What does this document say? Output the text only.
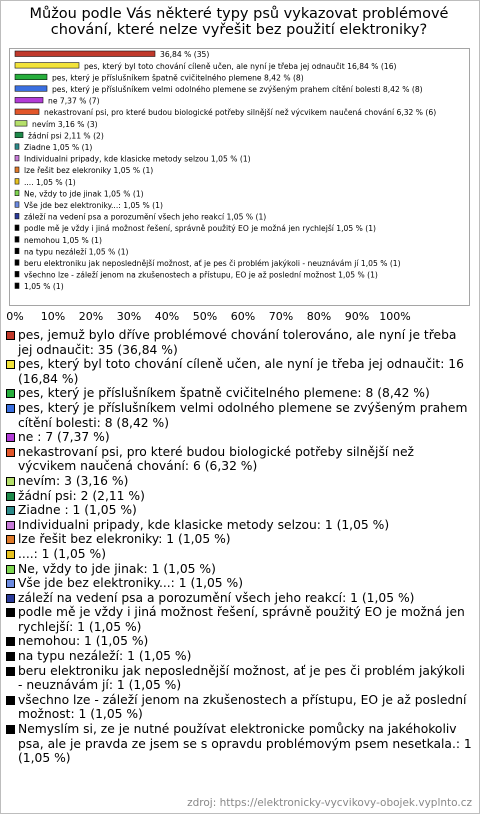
Můžou podle Vás některé typy psů vykazovat problémové chování, které nelze vyřešit bez použití elektroniky?
36,84 % (35)
pes, který byl toto chování cíleně učen, ale nyní je třeba jej odnaučit 16,84 % (16)
pes, který je příslušníkem špatně cvičitelného plemene 8,42 % (8)
pes, který je příslušníkem velmi odolného plemene se zvýšeným prahem cítění bolesti 8,42 % (8)
ne 7,37 % (7)
nekastrovaní psi, pro které budou biologické potřeby silnější než výcvikem naučená chování 6,32 % (6)
nevím 3,16 % (3)
žádní psi 2,11 % (2)
Ziadne 1,05 % (1)
Individualni pripady, kde klasicke metody selzou 1,05 % (1)
lze řešit bez elekroniky 1,05 % (1)
.... 1,05 % (1)
Ne, vždy to jde jinak 1,05 % (1)
Vše jde bez elektroniky...: 1,05 % (1)
záleží na vedení psa a porozumění všech jeho reakcí 1,05 % (1)
podle mě je vždy i jiná možnost řešení, správně použitý EO je možná jen rychlejší 1,05 % (1)
nemohou 1,05 % (1)
na typu nezáleží 1,05 % (1)
beru elektroniku jak neposlednější možnost, ať je pes či problém jakýkoli - neuznávám jí 1,05 % (1)
všechno lze - záleží jenom na zkušenostech a přístupu, EO je až poslední možnost 1,05 % (1)
1,05 % (1)
0% 10% 20% 30% 40% 50% 60% 70% 80% 90% 100%
pes, jemuž bylo dříve problémové chování tolerováno, ale nyní je třeba jej odnaučit: 35 (36,84 %)
pes, který byl toto chování cíleně učen, ale nyní je třeba jej odnaučit: 16 (16,84 %)
pes, který je příslušníkem špatně cvičitelného plemene: 8 (8,42 %)
pes, který je příslušníkem velmi odolného plemene se zvýšeným prahem cítění bolesti: 8 (8,42 %)
ne : 7 (7,37 %)
nekastrovaní psi, pro které budou biologické potřeby silnější než výcvikem naučená chování: 6 (6,32 %)
nevím: 3 (3,16 %)
žádní psi: 2 (2,11 %)
Ziadne : 1 (1,05 %)
Individualni pripady, kde klasicke metody selzou: 1 (1,05 %)
lze řešit bez elekroniky: 1 (1,05 %)
....: 1 (1,05 %)
Ne, vždy to jde jinak: 1 (1,05 %)
Vše jde bez elektroniky...: 1 (1,05 %)
záleží na vedení psa a porozumění všech jeho reakcí: 1 (1,05 %)
podle mě je vždy i jiná možnost řešení, správně použitý EO je možná jen rychlejší: 1 (1,05 %)
nemohou: 1 (1,05 %)
na typu nezáleží: 1 (1,05 %)
beru elektroniku jak neposlednější možnost, ať je pes či problém jakýkoli - neuznávám jí: 1 (1,05 %)
všechno lze - záleží jenom na zkušenostech a přístupu, EO je až poslední možnost: 1 (1,05 %)
Nemyslím si, ze je nutné používat elektronicke pomůcky na jakéhokoliv psa, ale je pravda ze jsem se s opravdu problémovým psem nesetkala.: 1 (1,05 %)
zdroj: https://elektronicky-vycvikovy-obojek.vyplnto.cz
